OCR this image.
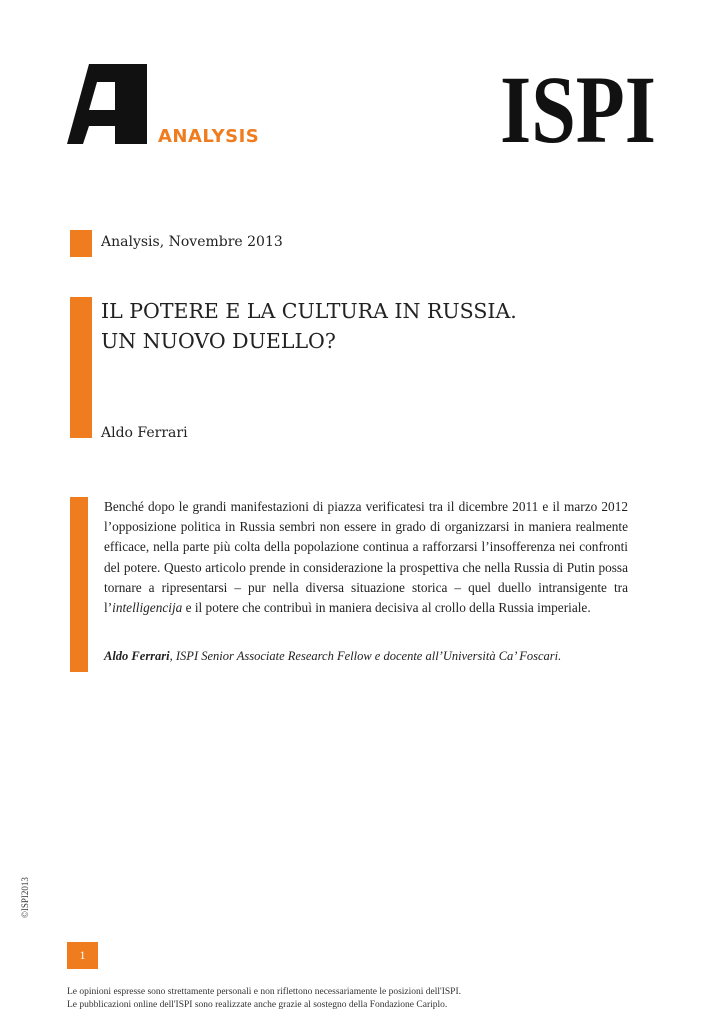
ANALYSIS	ISPI
Analysis, Novembre 2013
IL POTERE E LA CULTURA IN RUSSIA.
UN NUOVO DUELLO?
Aldo Ferrari
Benché dopo le grandi manifestazioni di piazza verificatesi tra il dicembre 2011 e il marzo 2012 l’opposizione politica in Russia sembri non essere in grado di organizzarsi in maniera realmente efficace, nella parte più colta della popolazione continua a rafforzarsi l’insofferenza nei confronti del potere. Questo articolo prende in considerazione la prospettiva che nella Russia di Putin possa tornare a ripresentarsi – pur nella diversa situazione storica – quel duello intransigente tra l’intelligencija e il potere che contribuì in maniera decisiva al crollo della Russia imperiale.
Aldo Ferrari, ISPI Senior Associate Research Fellow e docente all’Università Ca’ Foscari.
©ISPI2013
1
Le opinioni espresse sono strettamente personali e non riflettono necessariamente le posizioni dell'ISPI.
Le pubblicazioni online dell'ISPI sono realizzate anche grazie al sostegno della Fondazione Cariplo.
